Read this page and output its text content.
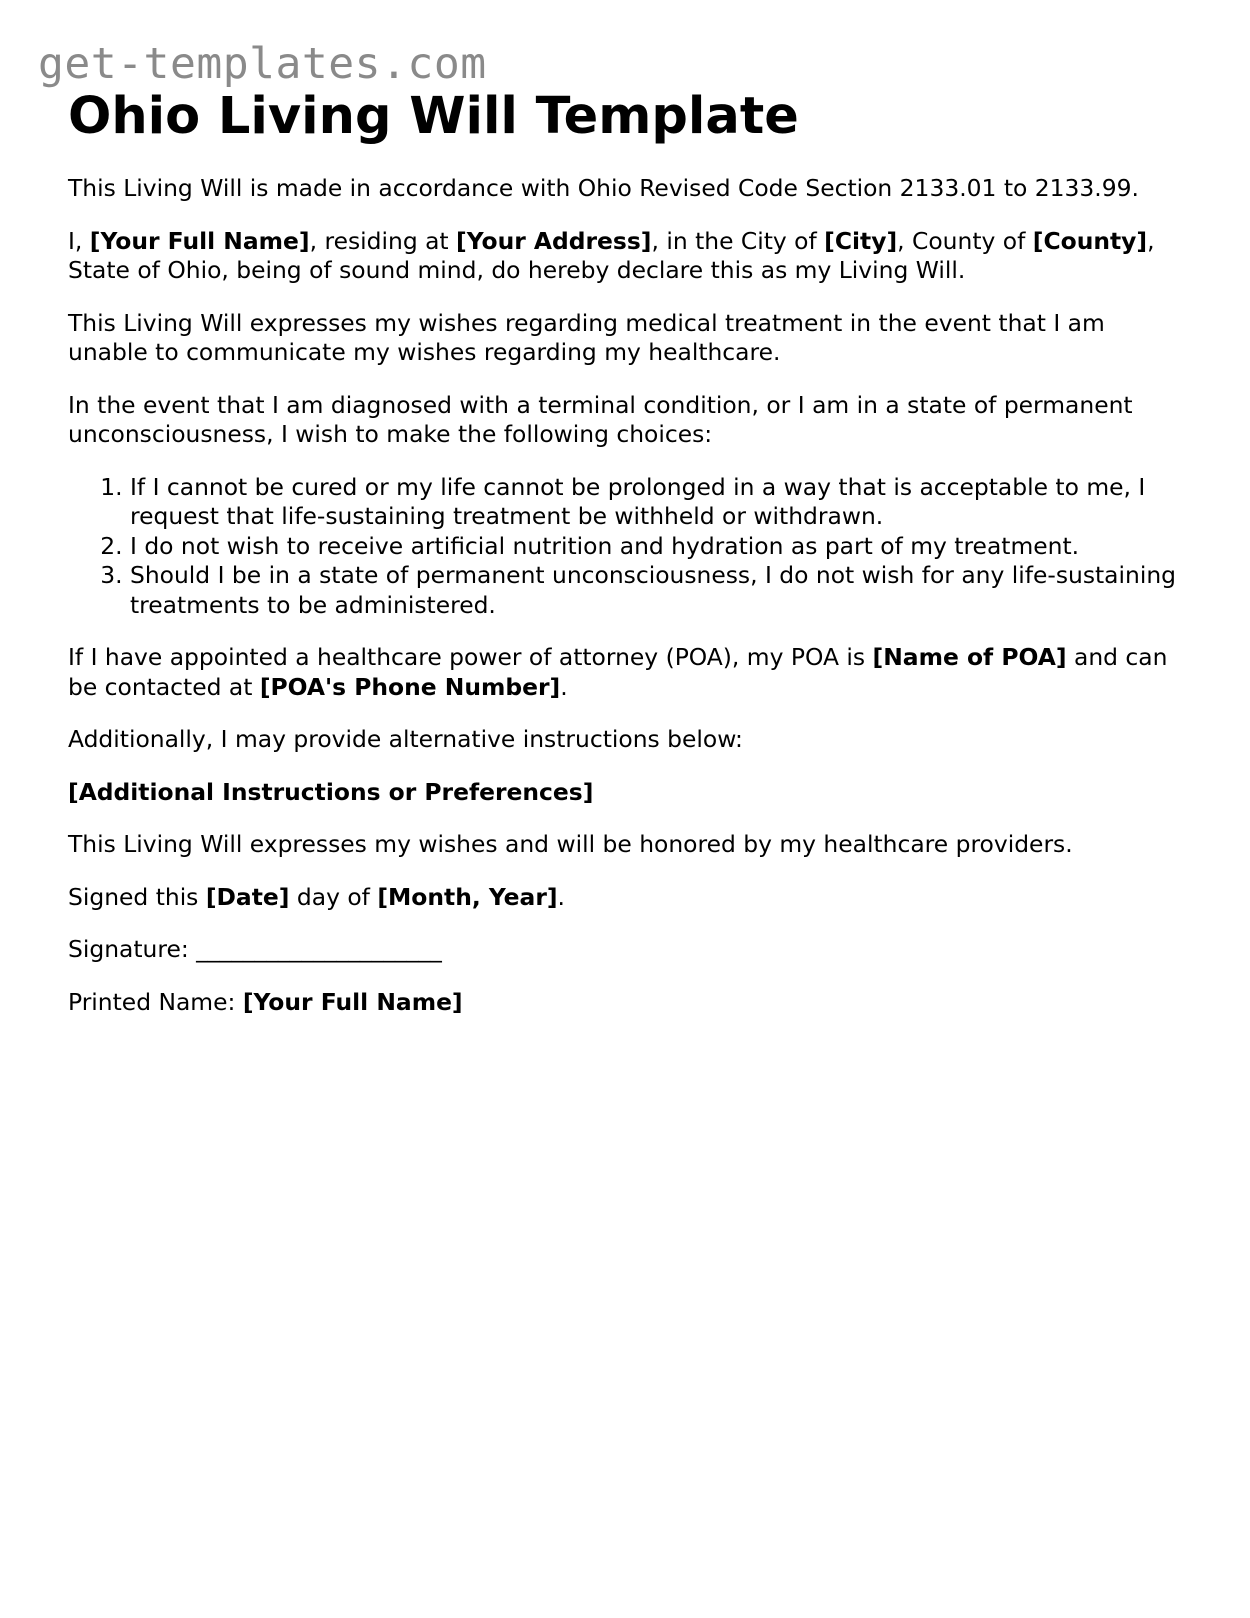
get-templates.com
Ohio Living Will Template

This Living Will is made in accordance with Ohio Revised Code Section 2133.01 to 2133.99.

I, [Your Full Name], residing at [Your Address], in the City of [City], County of [County], State of Ohio, being of sound mind, do hereby declare this as my Living Will.

This Living Will expresses my wishes regarding medical treatment in the event that I am unable to communicate my wishes regarding my healthcare.

In the event that I am diagnosed with a terminal condition, or I am in a state of permanent unconsciousness, I wish to make the following choices:

1. If I cannot be cured or my life cannot be prolonged in a way that is acceptable to me, I request that life-sustaining treatment be withheld or withdrawn.
2. I do not wish to receive artificial nutrition and hydration as part of my treatment.
3. Should I be in a state of permanent unconsciousness, I do not wish for any life-sustaining treatments to be administered.

If I have appointed a healthcare power of attorney (POA), my POA is [Name of POA] and can be contacted at [POA's Phone Number].

Additionally, I may provide alternative instructions below:

[Additional Instructions or Preferences]

This Living Will expresses my wishes and will be honored by my healthcare providers.

Signed this [Date] day of [Month, Year].

Signature: _____________________

Printed Name: [Your Full Name]
